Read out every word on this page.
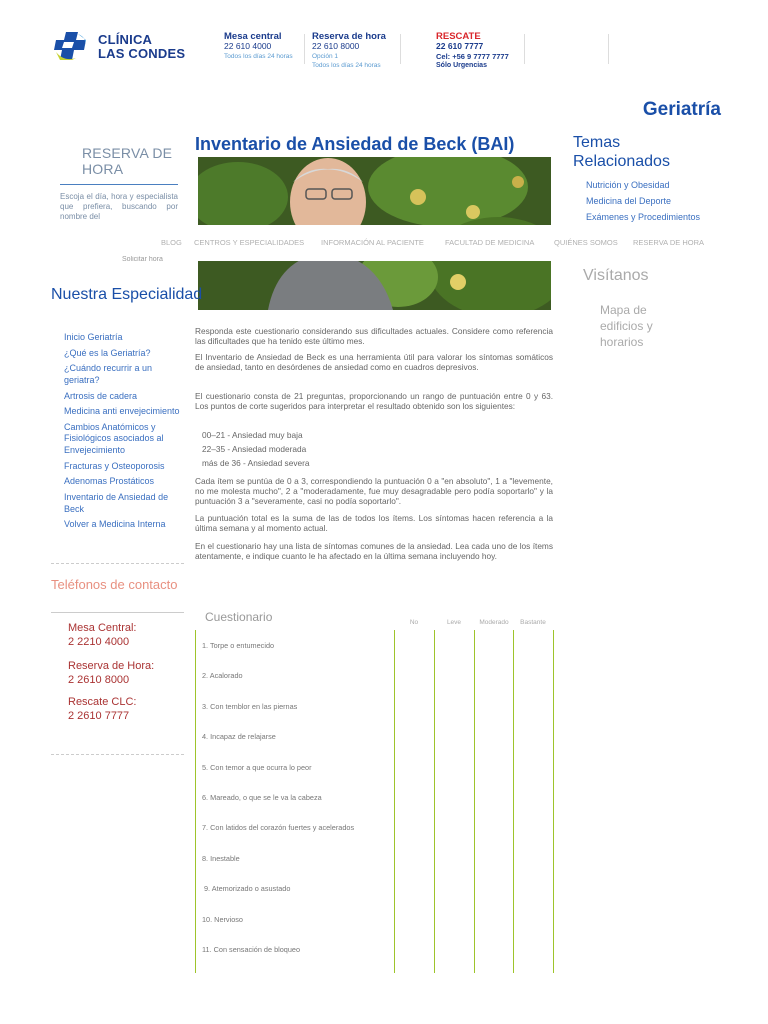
CLÍNICA
LAS CONDES
Mesa central
22 610 4000
Todos los días 24 horas
Reserva de hora
22 610 8000
Opción 1
Todos los días 24 horas
RESCATE
22 610 7777
Cel: +56 9 7777 7777
Sólo Urgencias
Geriatría
RESERVA DE HORA
Escoja el día, hora y especialista que prefiera, buscando por nombre del
Inventario de Ansiedad de Beck (BAI)
BLOG CENTROS Y ESPECIALIDADES INFORMACIÓN AL PACIENTE	FACULTAD DE MEDICINA	QUIÉNES SOMOS RESERVA DE HORA
Solicitar hora
Nuestra Especialidad
Inicio Geriatría
¿Qué es la Geriatría?
¿Cuándo recurrir a un geriatra?
Artrosis de cadera
Medicina anti envejecimiento
Cambios Anatómicos y Fisiológicos asociados al Envejecimiento
Fracturas y Osteoporosis
Adenomas Prostáticos
Inventario de Ansiedad de Beck
Volver a Medicina Interna
Teléfonos de contacto
Mesa Central:
2 2210 4000
Reserva de Hora:
2 2610 8000
Rescate CLC:
2 2610 7777
Responda este cuestionario considerando sus dificultades actuales. Considere como referencia las dificultades que ha tenido este último mes.
El Inventario de Ansiedad de Beck es una herramienta útil para valorar los síntomas somáticos de ansiedad, tanto en desórdenes de ansiedad como en cuadros depresivos.
El cuestionario consta de 21 preguntas, proporcionando un rango de puntuación entre 0 y 63. Los puntos de corte sugeridos para interpretar el resultado obtenido son los siguientes:
00–21 - Ansiedad muy baja
22–35 - Ansiedad moderada
más de 36 - Ansiedad severa
Cada ítem se puntúa de 0 a 3, correspondiendo la puntuación 0 a "en absoluto", 1 a "levemente, no me molesta mucho", 2 a "moderadamente, fue muy desagradable pero podía soportarlo" y la puntuación 3 a "severamente, casi no podía soportarlo".
La puntuación total es la suma de las de todos los ítems. Los síntomas hacen referencia a la última semana y al momento actual.
En el cuestionario hay una lista de síntomas comunes de la ansiedad. Lea cada uno de los ítems atentamente, e indique cuanto le ha afectado en la última semana incluyendo hoy.
Temas Relacionados
Nutrición y Obesidad
Medicina del Deporte
Exámenes y Procedimientos
Visítanos
Mapa de edificios y horarios
Cuestionario	No	Leve	Moderado	Bastante
1. Torpe o entumecido
2. Acalorado
3. Con temblor en las piernas
4. Incapaz de relajarse
5. Con temor a que ocurra lo peor
6. Mareado, o que se le va la cabeza
7. Con latidos del corazón fuertes y acelerados
8. Inestable
9. Atemorizado o asustado
10. Nervioso
11. Con sensación de bloqueo
